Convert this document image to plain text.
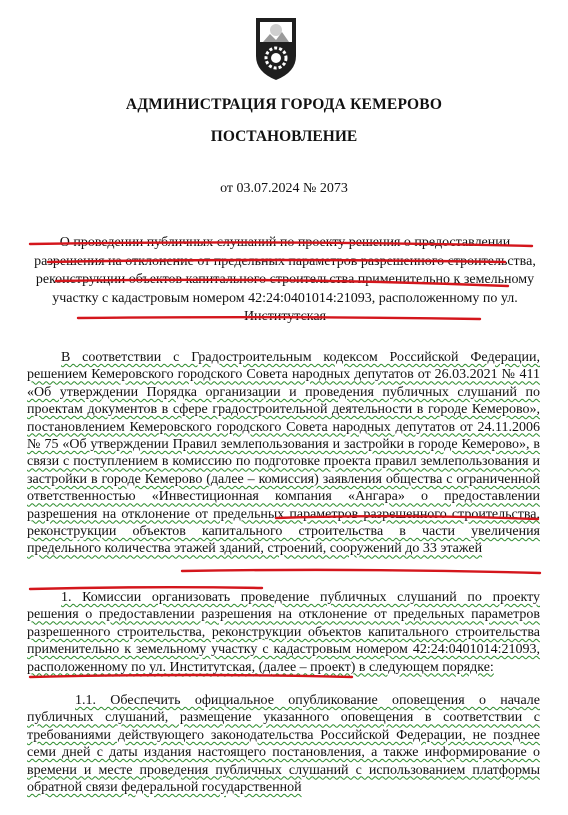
АДМИНИСТРАЦИЯ ГОРОДА КЕМЕРОВО
ПОСТАНОВЛЕНИЕ
от 03.07.2024 № 2073
О проведении публичных слушаний по проекту решения о предоставлении разрешения на отклонение от предельных параметров разрешенного строительства, реконструкции объектов капитального строительства применительно к земельному участку с кадастровым номером 42:24:0401014:21093, расположенному по ул. Институтская
В соответствии с Градостроительным кодексом Российской Федерации, решением Кемеровского городского Совета народных депутатов от 26.03.2021 № 411 «Об утверждении Порядка организации и проведения публичных слушаний по проектам документов в сфере градостроительной деятельности в городе Кемерово», постановлением Кемеровского городского Совета народных депутатов от 24.11.2006 № 75 «Об утверждении Правил землепользования и застройки в городе Кемерово», в связи с поступлением в комиссию по подготовке проекта правил землепользования и застройки в городе Кемерово (далее – комиссия) заявления общества с ограниченной ответственностью «Инвестиционная компания «Ангара» о предоставлении разрешения на отклонение от предельных параметров разрешенного строительства, реконструкции объектов капитального строительства в части увеличения предельного количества этажей зданий, строений, сооружений до 33 этажей
1. Комиссии организовать проведение публичных слушаний по проекту решения о предоставлении разрешения на отклонение от предельных параметров разрешенного строительства, реконструкции объектов капитального строительства применительно к земельному участку с кадастровым номером 42:24:0401014:21093, расположенному по ул. Институтская, (далее – проект) в следующем порядке:
1.1. Обеспечить официальное опубликование оповещения о начале публичных слушаний, размещение указанного оповещения в соответствии с требованиями действующего законодательства Российской Федерации, не позднее семи дней с даты издания настоящего постановления, а также информирование о времени и месте проведения публичных слушаний с использованием платформы обратной связи федеральной государственной
